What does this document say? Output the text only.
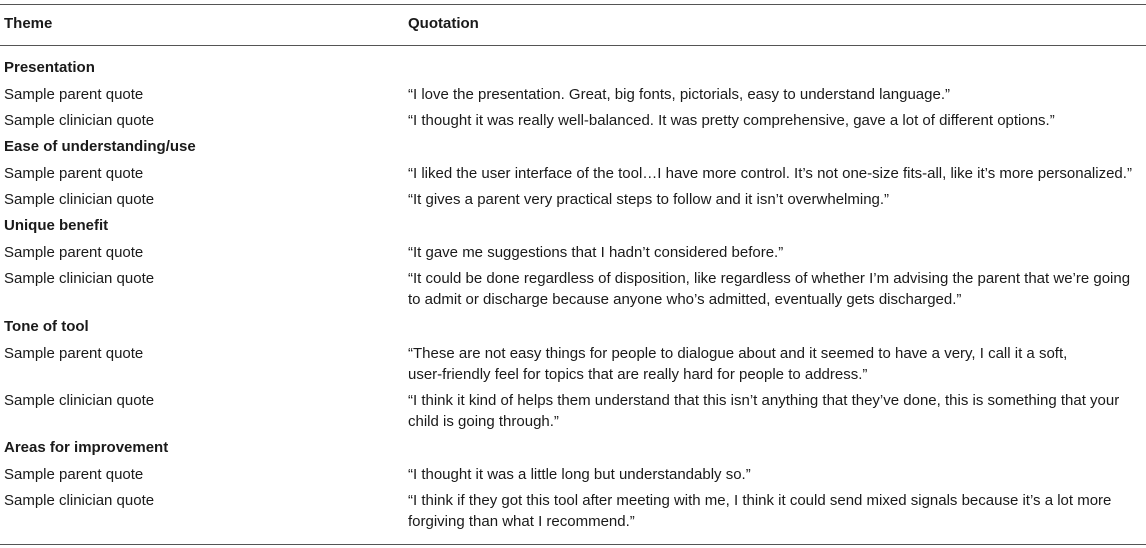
Theme	Quotation
Presentation
Sample parent quote	“I love the presentation. Great, big fonts, pictorials, easy to understand language.”
Sample clinician quote	“I thought it was really well-balanced. It was pretty comprehensive, gave a lot of different options.”
Ease of understanding/use
Sample parent quote	“I liked the user interface of the tool…I have more control. It’s not one-size fits-all, like it’s more personalized.”
Sample clinician quote	“It gives a parent very practical steps to follow and it isn’t overwhelming.”
Unique benefit
Sample parent quote	“It gave me suggestions that I hadn’t considered before.”
Sample clinician quote	“It could be done regardless of disposition, like regardless of whether I’m advising the parent that we’re going
to admit or discharge because anyone who’s admitted, eventually gets discharged.”
Tone of tool
Sample parent quote	“These are not easy things for people to dialogue about and it seemed to have a very, I call it a soft,
user-friendly feel for topics that are really hard for people to address.”
Sample clinician quote	“I think it kind of helps them understand that this isn’t anything that they’ve done, this is something that your
child is going through.”
Areas for improvement
Sample parent quote	“I thought it was a little long but understandably so.”
Sample clinician quote	“I think if they got this tool after meeting with me, I think it could send mixed signals because it’s a lot more
forgiving than what I recommend.”
